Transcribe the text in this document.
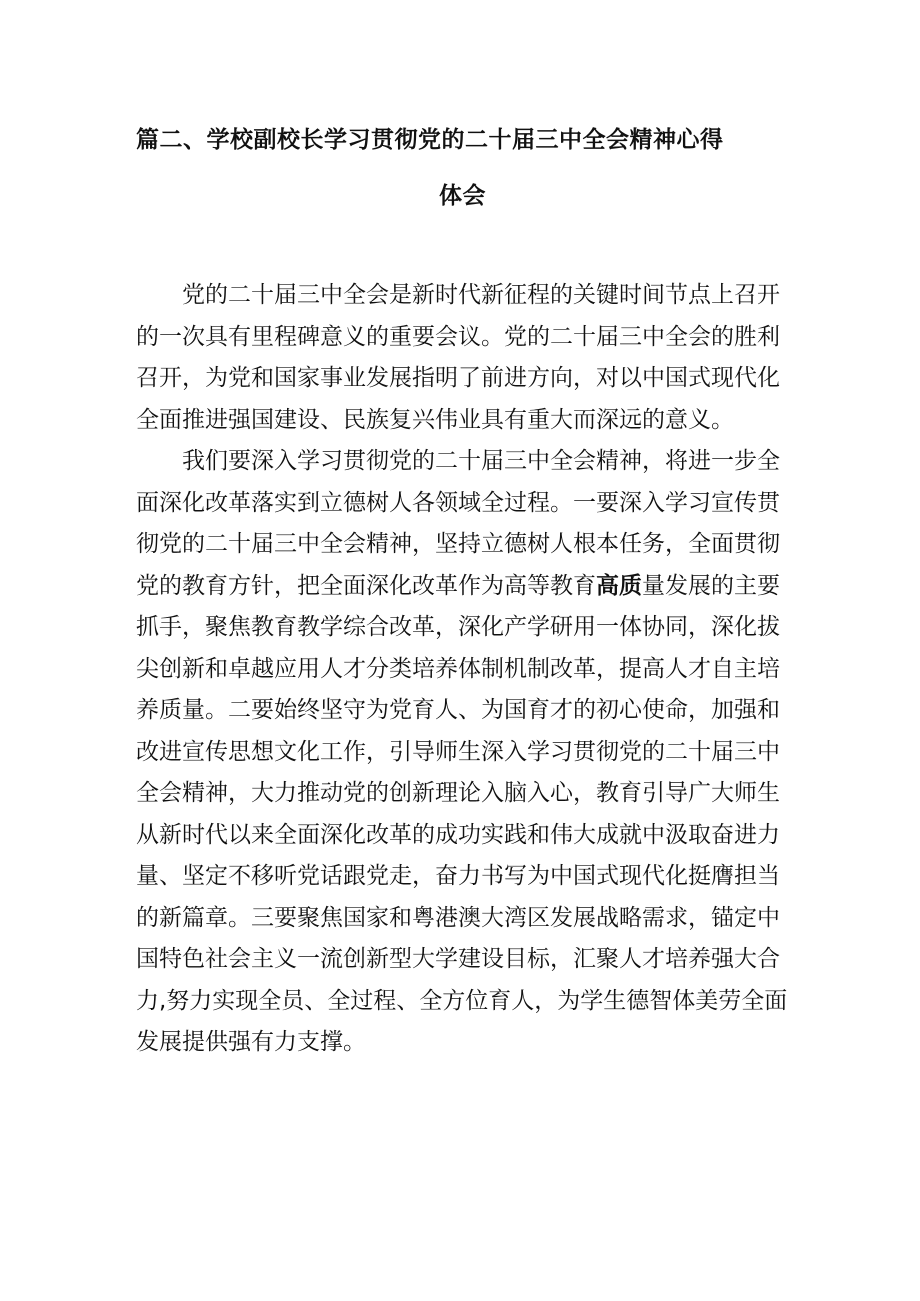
篇二、学校副校长学习贯彻党的二十届三中全会精神心得
体会
党的二十届三中全会是新时代新征程的关键时间节点上召开
的一次具有里程碑意义的重要会议。党的二十届三中全会的胜利
召开，为党和国家事业发展指明了前进方向，对以中国式现代化
全面推进强国建设、民族复兴伟业具有重大而深远的意义。
我们要深入学习贯彻党的二十届三中全会精神，将进一步全
面深化改革落实到立德树人各领域全过程。一要深入学习宣传贯
彻党的二十届三中全会精神，坚持立德树人根本任务，全面贯彻
党的教育方针，把全面深化改革作为高等教育高质量发展的主要
抓手，聚焦教育教学综合改革，深化产学研用一体协同，深化拔
尖创新和卓越应用人才分类培养体制机制改革，提高人才自主培
养质量。二要始终坚守为党育人、为国育才的初心使命，加强和
改进宣传思想文化工作，引导师生深入学习贯彻党的二十届三中
全会精神，大力推动党的创新理论入脑入心，教育引导广大师生
从新时代以来全面深化改革的成功实践和伟大成就中汲取奋进力
量、坚定不移听党话跟党走，奋力书写为中国式现代化挺膺担当
的新篇章。三要聚焦国家和粤港澳大湾区发展战略需求，锚定中
国特色社会主义一流创新型大学建设目标，汇聚人才培养强大合
力,努力实现全员、全过程、全方位育人，为学生德智体美劳全面
发展提供强有力支撑。
